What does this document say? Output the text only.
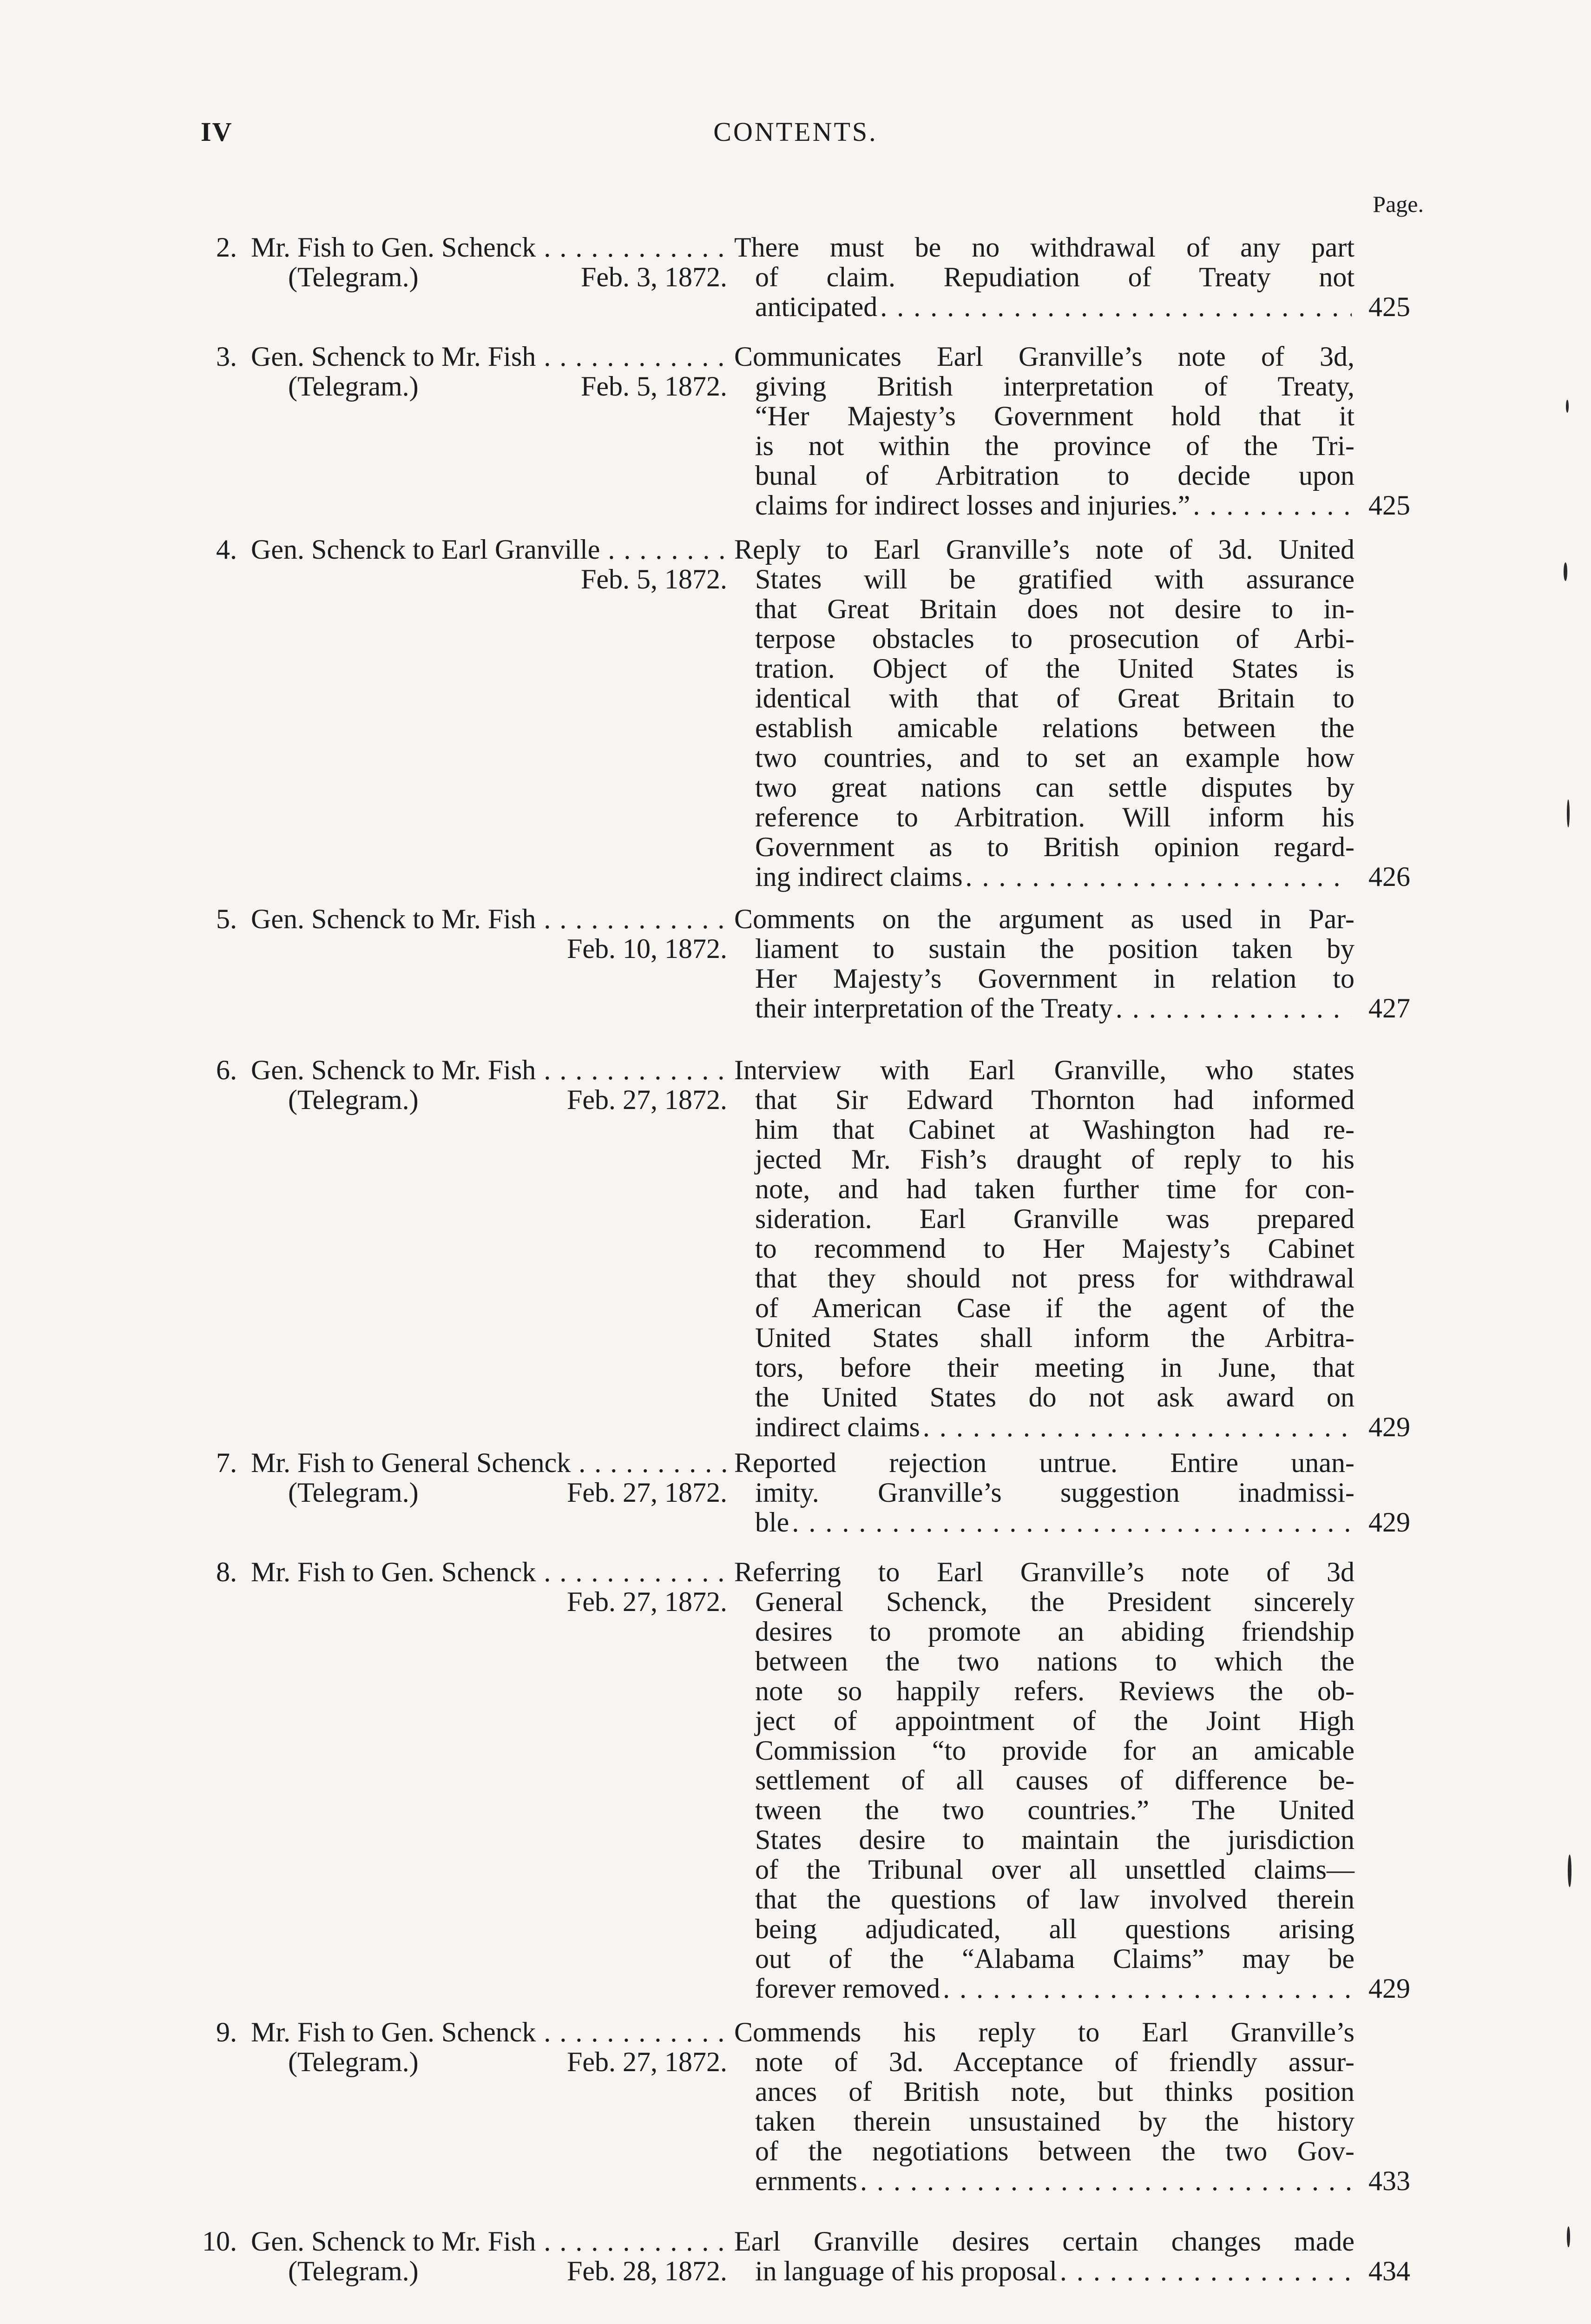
IV	CONTENTS.
Page.
2. Mr. Fish to Gen. Schenck . . .
(Telegram.)	Feb. 3, 1872.
There must be no withdrawal of any part
of claim. Repudiation of Treaty not
anticipated . . .	425
3. Gen. Schenck to Mr. Fish . . .
(Telegram.)	Feb. 5, 1872.
Communicates Earl Granville’s note of 3d,
giving British interpretation of Treaty,
“Her Majesty’s Government hold that it
is not within the province of the Tri-
bunal of Arbitration to decide upon
claims for indirect losses and injuries.” . . .	425
4. Gen. Schenck to Earl Granville . . .
Feb. 5, 1872.
Reply to Earl Granville’s note of 3d. United
States will be gratified with assurance
that Great Britain does not desire to in-
terpose obstacles to prosecution of Arbi-
tration. Object of the United States is
identical with that of Great Britain to
establish amicable relations between the
two countries, and to set an example how
two great nations can settle disputes by
reference to Arbitration. Will inform his
Government as to British opinion regard-
ing indirect claims . . .	426
5. Gen. Schenck to Mr. Fish . . .
Feb. 10, 1872.
Comments on the argument as used in Par-
liament to sustain the position taken by
Her Majesty’s Government in relation to
their interpretation of the Treaty . . .	427
6. Gen. Schenck to Mr. Fish . . .
(Telegram.)	Feb. 27, 1872.
Interview with Earl Granville, who states
that Sir Edward Thornton had informed
him that Cabinet at Washington had re-
jected Mr. Fish’s draught of reply to his
note, and had taken further time for con-
sideration. Earl Granville was prepared
to recommend to Her Majesty’s Cabinet
that they should not press for withdrawal
of American Case if the agent of the
United States shall inform the Arbitra-
tors, before their meeting in June, that
the United States do not ask award on
indirect claims . . .	429
7. Mr. Fish to General Schenck . . .
(Telegram.)	Feb. 27, 1872.
Reported rejection untrue. Entire unan-
imity. Granville’s suggestion inadmissi-
ble . . .	429
8. Mr. Fish to Gen. Schenck . . .
Feb. 27, 1872.
Referring to Earl Granville’s note of 3d
General Schenck, the President sincerely
desires to promote an abiding friendship
between the two nations to which the
note so happily refers. Reviews the ob-
ject of appointment of the Joint High
Commission “to provide for an amicable
settlement of all causes of difference be-
tween the two countries.” The United
States desire to maintain the jurisdiction
of the Tribunal over all unsettled claims—
that the questions of law involved therein
being adjudicated, all questions arising
out of the “Alabama Claims” may be
forever removed . . .	429
9. Mr. Fish to Gen. Schenck . . .
(Telegram.)	Feb. 27, 1872.
Commends his reply to Earl Granville’s
note of 3d. Acceptance of friendly assur-
ances of British note, but thinks position
taken therein unsustained by the history
of the negotiations between the two Gov-
ernments . . .	433
10. Gen. Schenck to Mr. Fish . . .
(Telegram.)	Feb. 28, 1872.
Earl Granville desires certain changes made
in language of his proposal . . .	434
